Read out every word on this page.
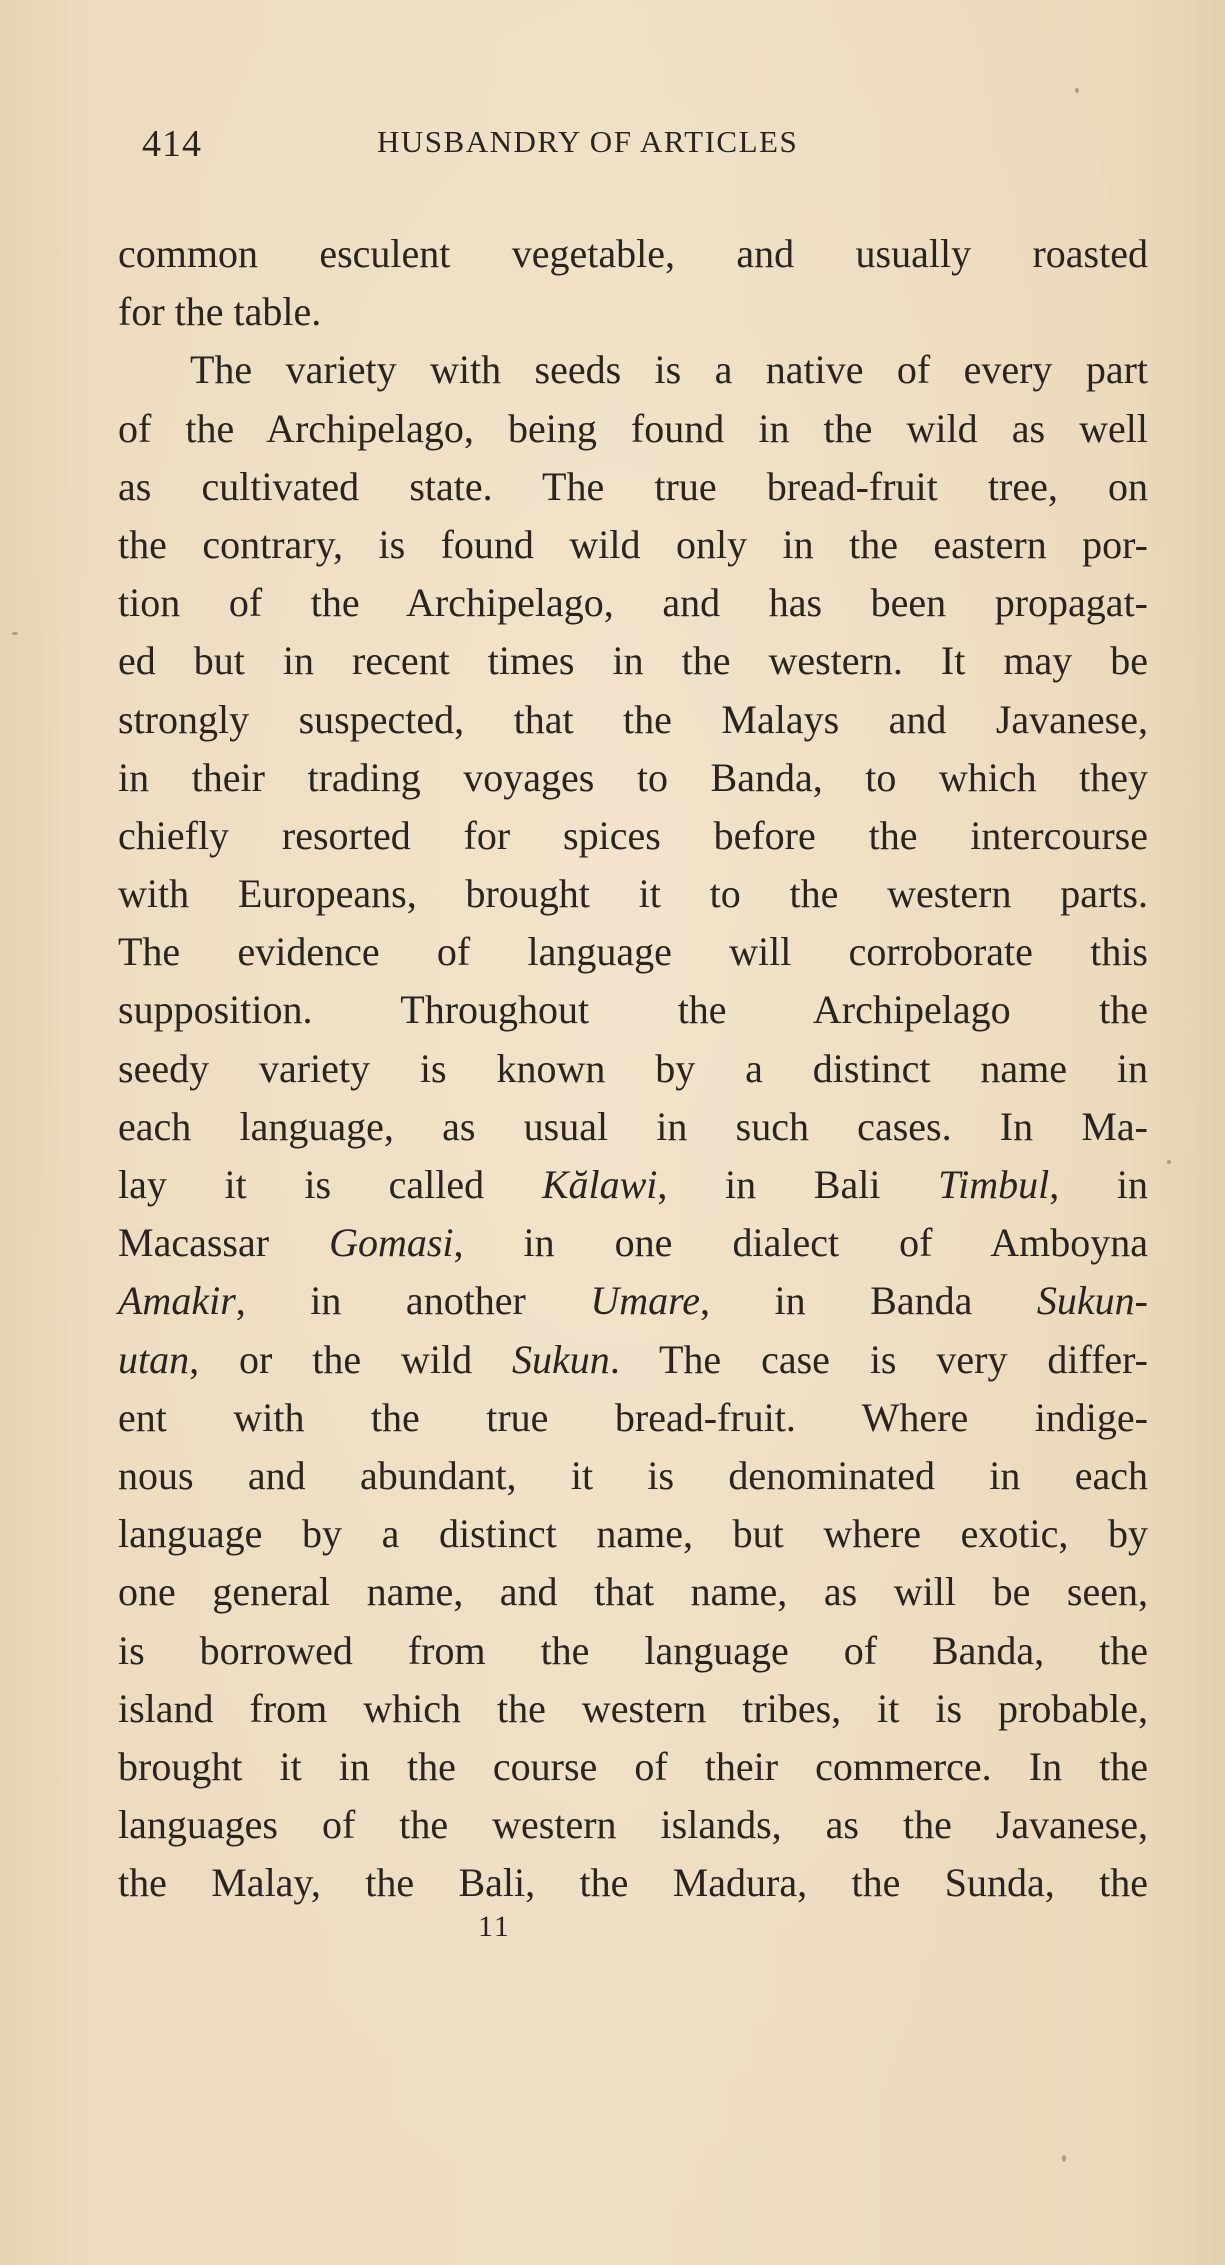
414	HUSBANDRY OF ARTICLES
common esculent vegetable, and usually roasted
for the table.
The variety with seeds is a native of every part
of the Archipelago, being found in the wild as well
as cultivated state. The true bread-fruit tree, on
the contrary, is found wild only in the eastern por-
tion of the Archipelago, and has been propagat-
ed but in recent times in the western. It may be
strongly suspected, that the Malays and Javanese,
in their trading voyages to Banda, to which they
chiefly resorted for spices before the intercourse
with Europeans, brought it to the western parts.
The evidence of language will corroborate this
supposition. Throughout the Archipelago the
seedy variety is known by a distinct name in
each language, as usual in such cases. In Ma-
lay it is called Kălawi, in Bali Timbul, in
Macassar Gomasi, in one dialect of Amboyna
Amakir, in another Umare, in Banda Sukun-
utan, or the wild Sukun. The case is very differ-
ent with the true bread-fruit. Where indige-
nous and abundant, it is denominated in each
language by a distinct name, but where exotic, by
one general name, and that name, as will be seen,
is borrowed from the language of Banda, the
island from which the western tribes, it is probable,
brought it in the course of their commerce. In the
languages of the western islands, as the Javanese,
the Malay, the Bali, the Madura, the Sunda, the
11
